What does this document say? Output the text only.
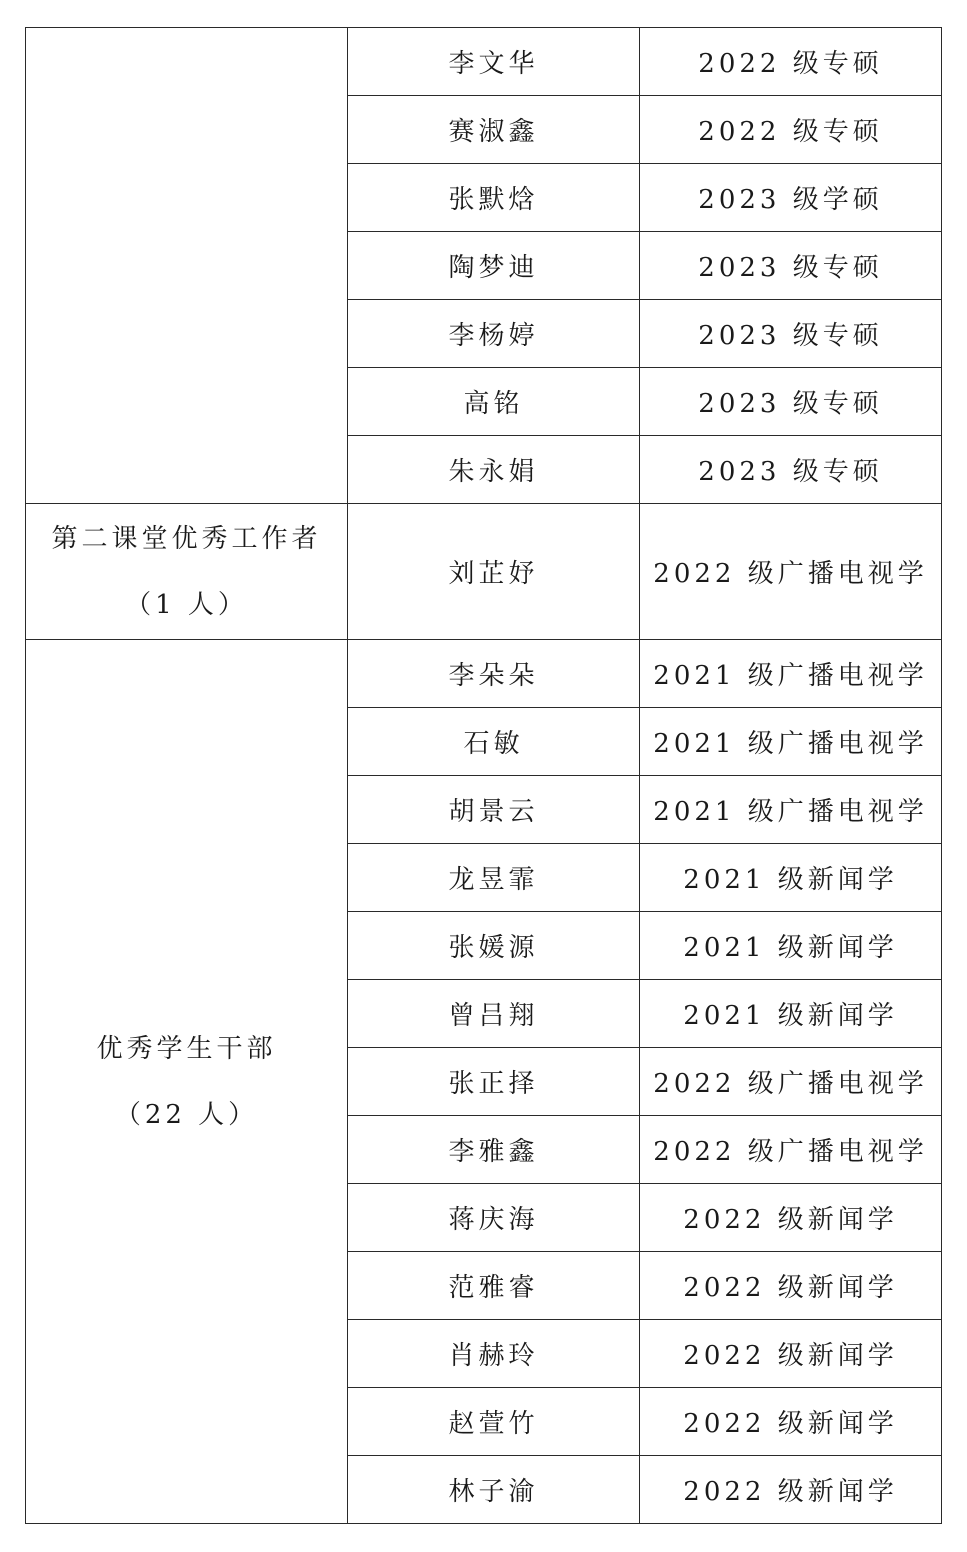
	李文华	2022 级专硕
	赛淑鑫	2022 级专硕
	张默焓	2023 级学硕
	陶梦迪	2023 级专硕
	李杨婷	2023 级专硕
	高铭	2023 级专硕
	朱永娟	2023 级专硕

第二课堂优秀工作者
（1 人）	刘芷妤	2022 级广播电视学

优秀学生干部
（22 人）	李朵朵	2021 级广播电视学
	石敏	2021 级广播电视学
	胡景云	2021 级广播电视学
	龙昱霏	2021 级新闻学
	张媛源	2021 级新闻学
	曾吕翔	2021 级新闻学
	张正择	2022 级广播电视学
	李雅鑫	2022 级广播电视学
	蒋庆海	2022 级新闻学
	范雅睿	2022 级新闻学
	肖赫玲	2022 级新闻学
	赵萱竹	2022 级新闻学
	林子渝	2022 级新闻学
